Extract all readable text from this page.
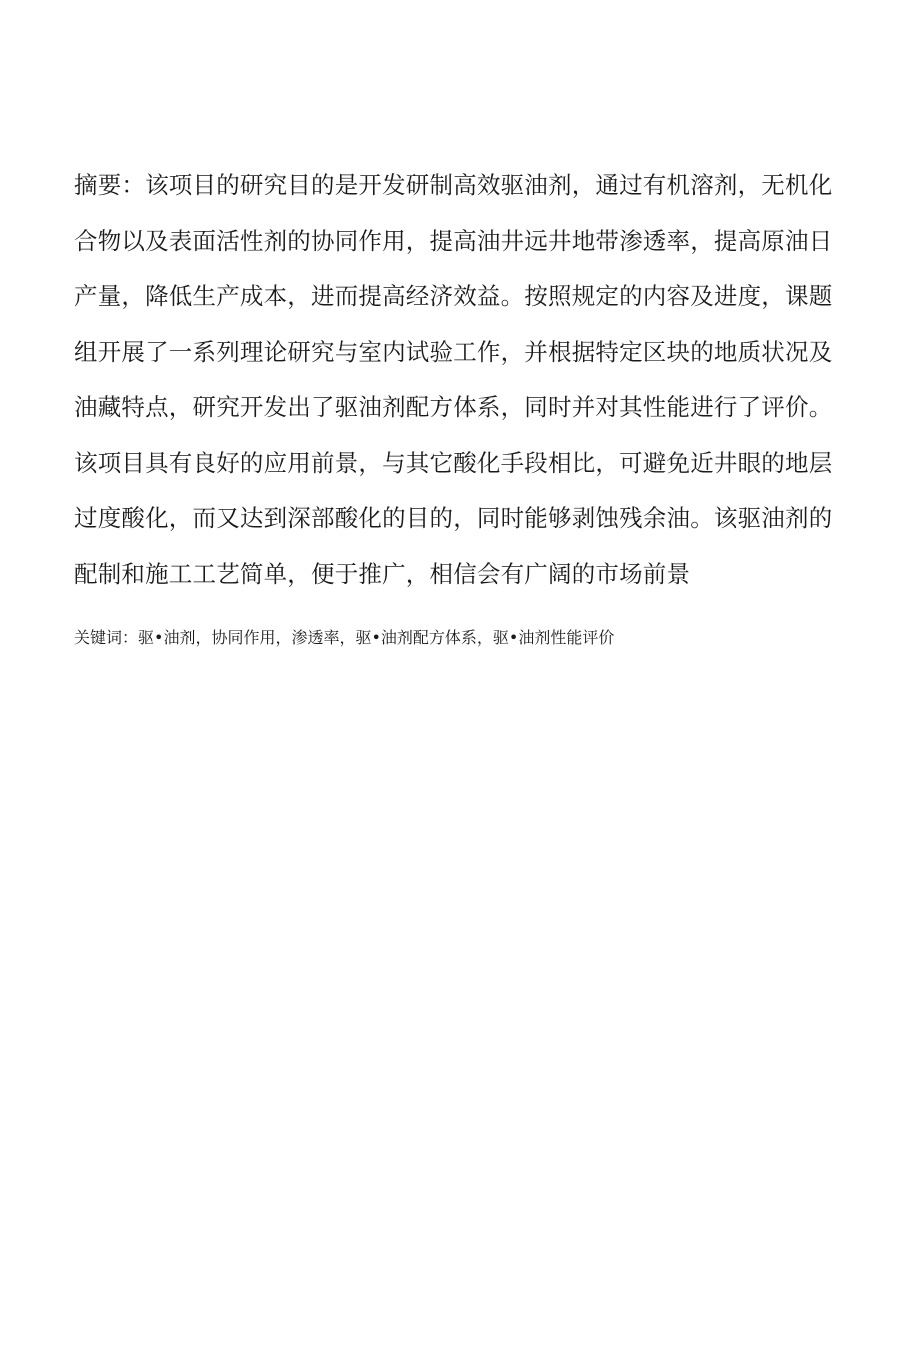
摘要：该项目的研究目的是开发研制高效驱油剂，通过有机溶剂，无机化
合物以及表面活性剂的协同作用，提高油井远井地带渗透率，提高原油日
产量，降低生产成本，进而提高经济效益。按照规定的内容及进度，课题
组开展了一系列理论研究与室内试验工作，并根据特定区块的地质状况及
油藏特点，研究开发出了驱油剂配方体系，同时并对其性能进行了评价。
该项目具有良好的应用前景，与其它酸化手段相比，可避免近井眼的地层
过度酸化，而又达到深部酸化的目的，同时能够剥蚀残余油。该驱油剂的
配制和施工工艺简单，便于推广，相信会有广阔的市场前景

关键词：驱•油剂，协同作用，渗透率，驱•油剂配方体系，驱•油剂性能评价
